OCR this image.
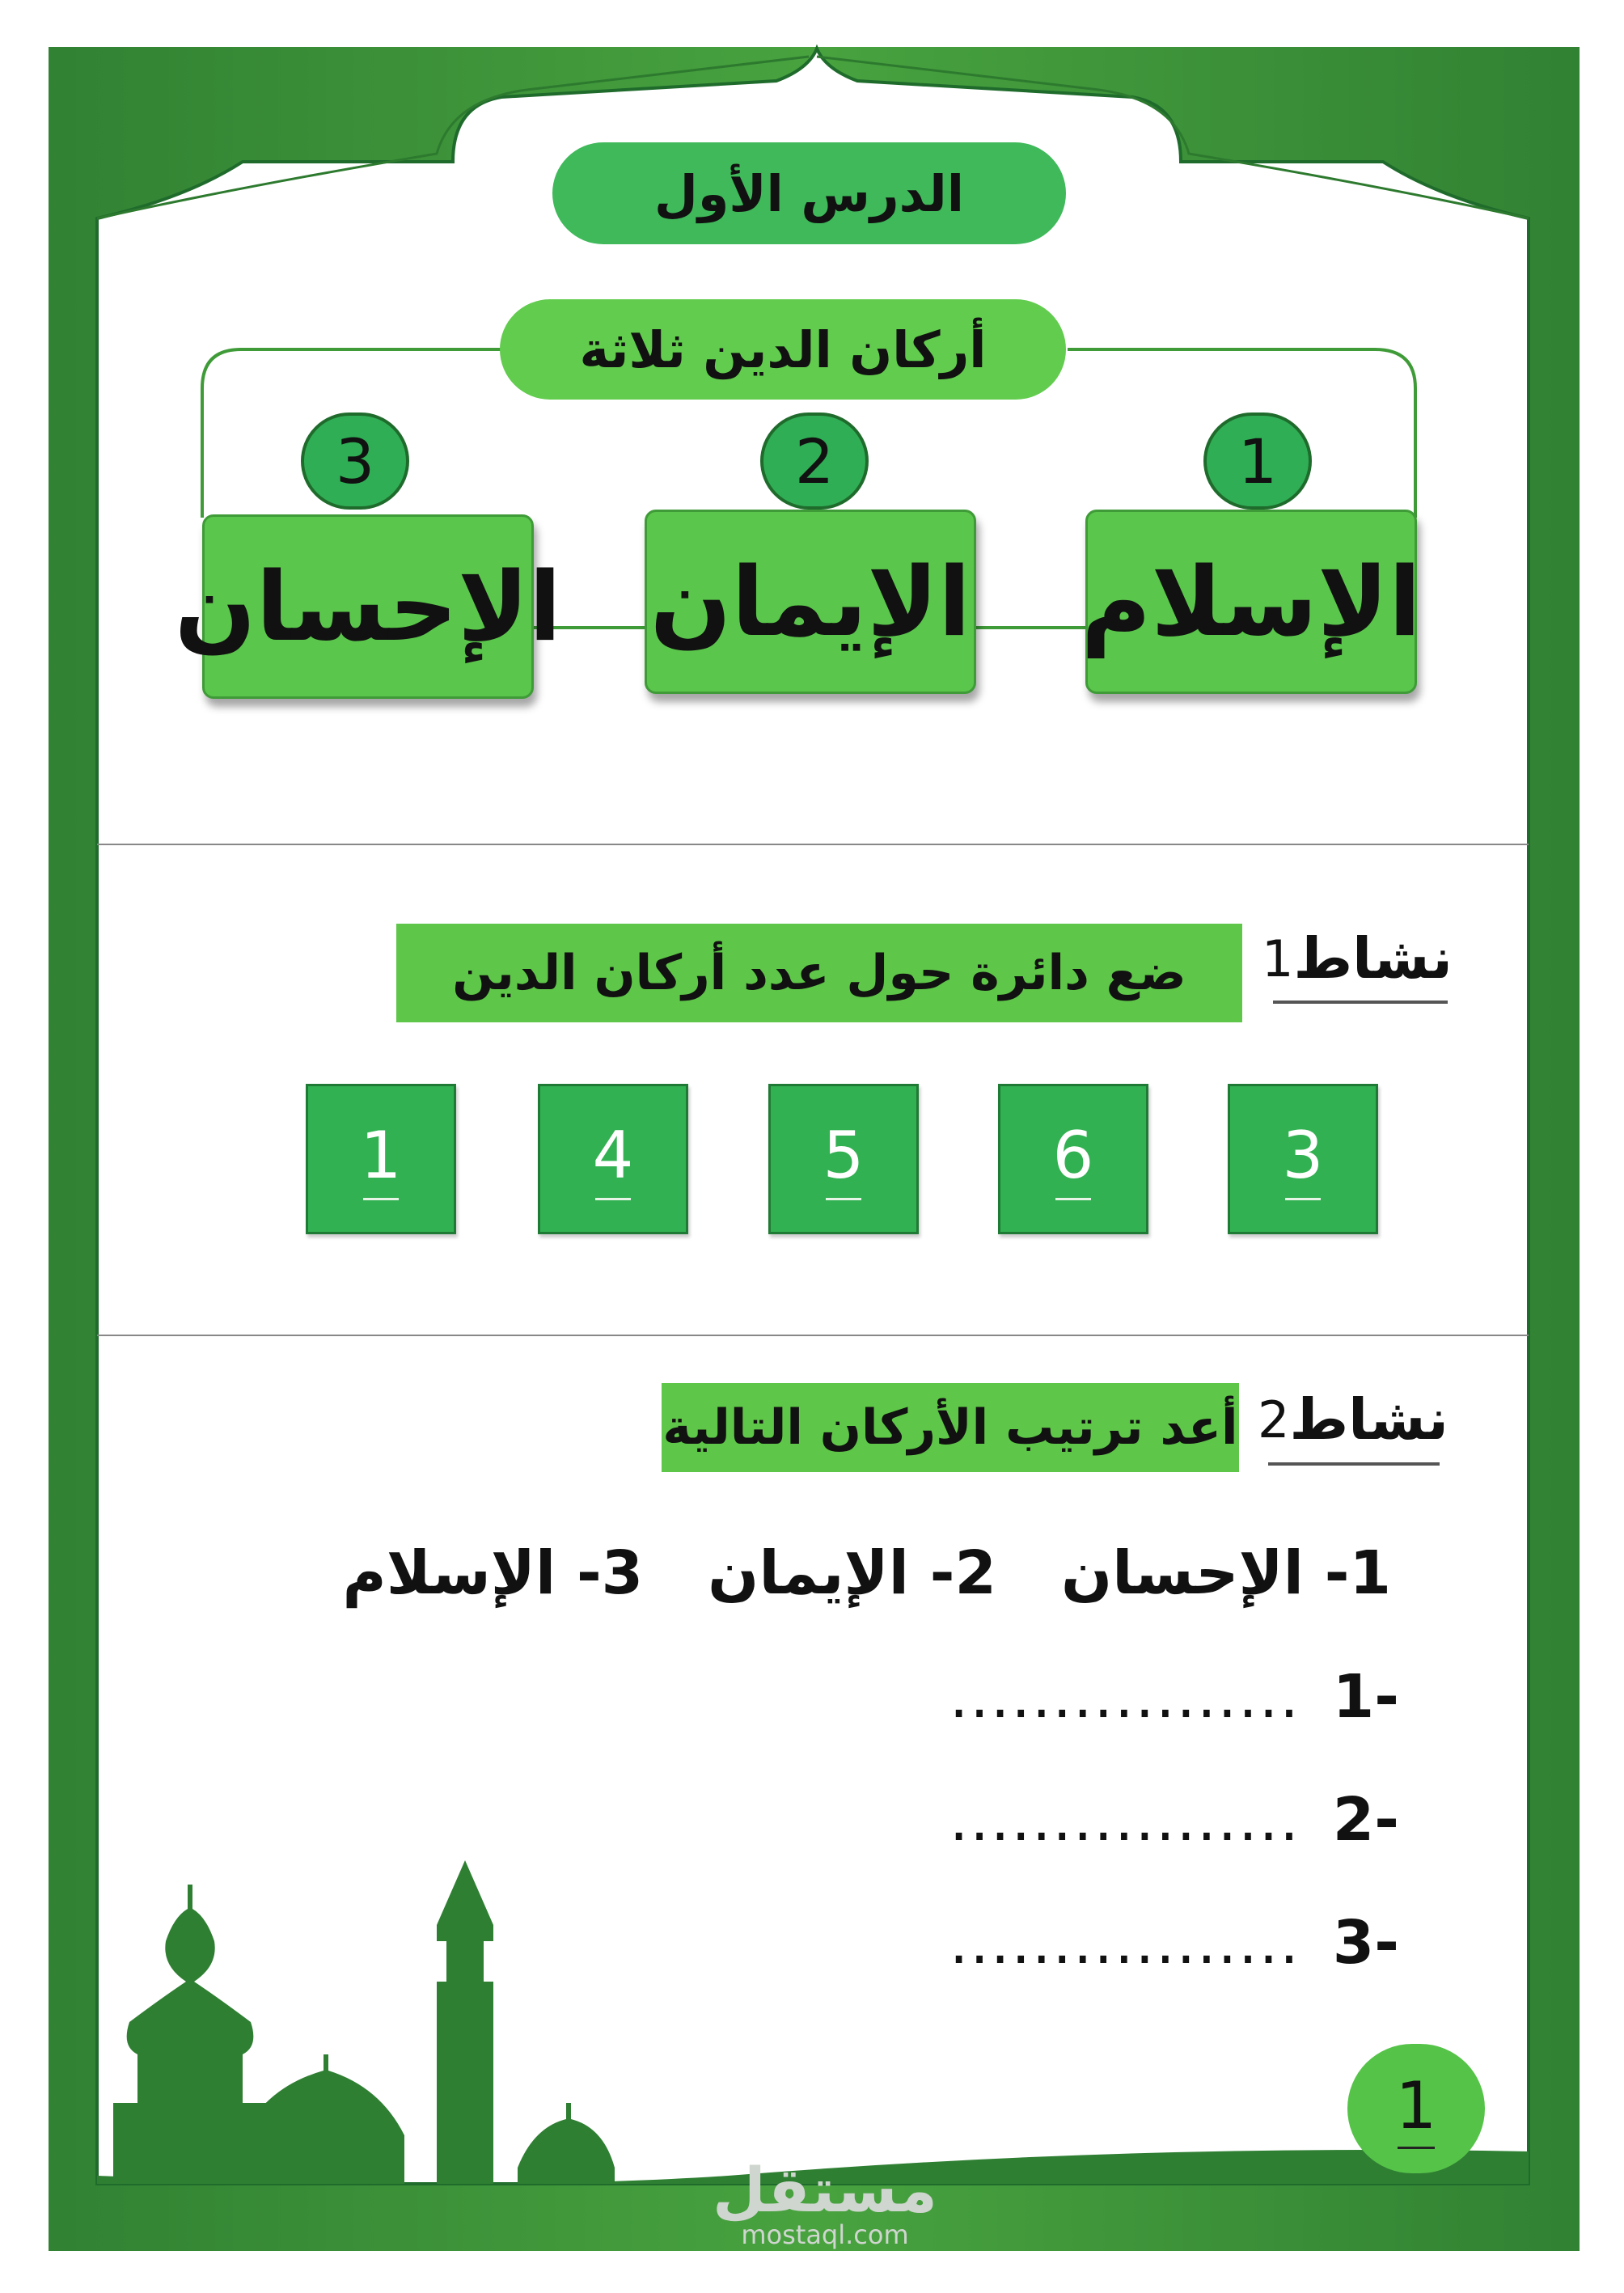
الدرس الأول
أركان الدين ثلاثة
1
2
3
الإسلام
الإيمان
الإحسان
نشاط
1
ضع دائرة حول عدد أركان الدين
3
6
5
4
1
نشاط
2
أعد ترتيب الأركان التالية
1- الإحسان
2- الإيمان
3- الإسلام
-1
.................
-2
.................
-3
.................
1
مستقل
mostaql.com
